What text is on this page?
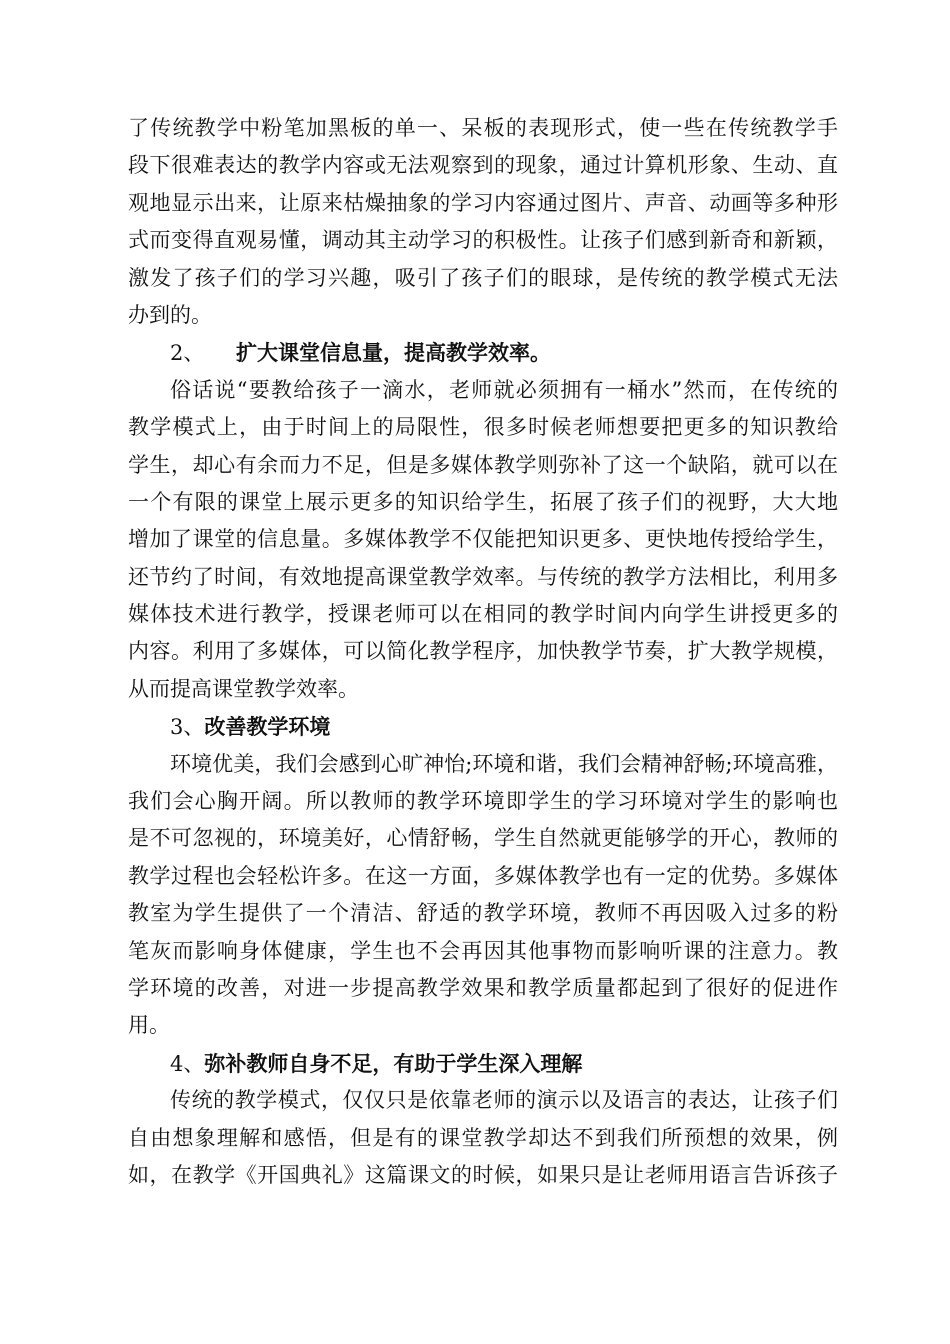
了传统教学中粉笔加黑板的单一、呆板的表现形式，使一些在传统教学手
段下很难表达的教学内容或无法观察到的现象，通过计算机形象、生动、直
观地显示出来，让原来枯燥抽象的学习内容通过图片、声音、动画等多种形
式而变得直观易懂，调动其主动学习的积极性。让孩子们感到新奇和新颖，
激发了孩子们的学习兴趣，吸引了孩子们的眼球，是传统的教学模式无法
办到的。
2、 扩大课堂信息量，提高教学效率。
俗话说“要教给孩子一滴水，老师就必须拥有一桶水”然而，在传统的
教学模式上，由于时间上的局限性，很多时候老师想要把更多的知识教给
学生，却心有余而力不足，但是多媒体教学则弥补了这一个缺陷，就可以在
一个有限的课堂上展示更多的知识给学生，拓展了孩子们的视野，大大地
增加了课堂的信息量。多媒体教学不仅能把知识更多、更快地传授给学生，
还节约了时间，有效地提高课堂教学效率。与传统的教学方法相比，利用多
媒体技术进行教学，授课老师可以在相同的教学时间内向学生讲授更多的
内容。利用了多媒体，可以简化教学程序，加快教学节奏，扩大教学规模，
从而提高课堂教学效率。
3、改善教学环境
环境优美，我们会感到心旷神怡;环境和谐，我们会精神舒畅;环境高雅，
我们会心胸开阔。所以教师的教学环境即学生的学习环境对学生的影响也
是不可忽视的，环境美好，心情舒畅，学生自然就更能够学的开心，教师的
教学过程也会轻松许多。在这一方面，多媒体教学也有一定的优势。多媒体
教室为学生提供了一个清洁、舒适的教学环境，教师不再因吸入过多的粉
笔灰而影响身体健康，学生也不会再因其他事物而影响听课的注意力。教
学环境的改善，对进一步提高教学效果和教学质量都起到了很好的促进作
用。
4、弥补教师自身不足，有助于学生深入理解
传统的教学模式，仅仅只是依靠老师的演示以及语言的表达，让孩子们
自由想象理解和感悟，但是有的课堂教学却达不到我们所预想的效果，例
如，在教学《开国典礼》这篇课文的时候，如果只是让老师用语言告诉孩子
